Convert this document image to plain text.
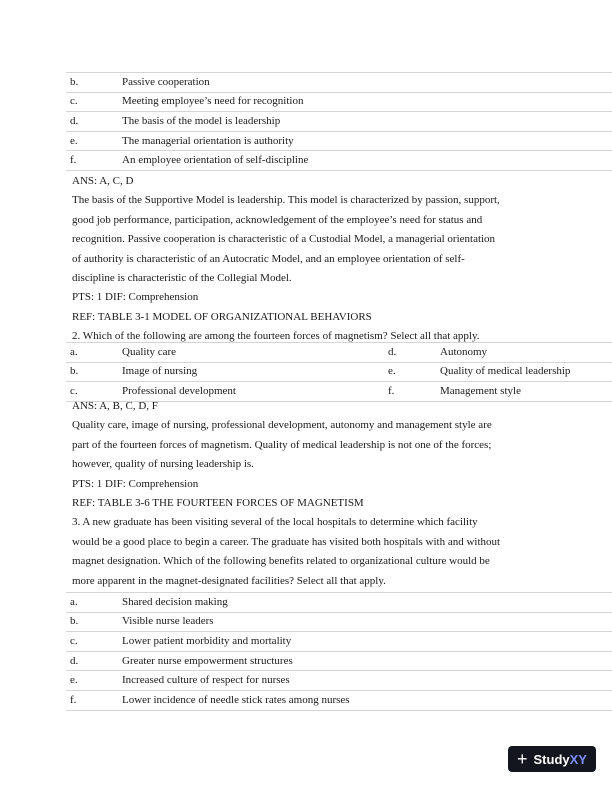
b.	Passive cooperation
c.	Meeting employee’s need for recognition
d.	The basis of the model is leadership
e.	The managerial orientation is authority
f.	An employee orientation of self-discipline

ANS: A, C, D

The basis of the Supportive Model is leadership. This model is characterized by passion, support,

good job performance, participation, acknowledgement of the employee’s need for status and

recognition. Passive cooperation is characteristic of a Custodial Model, a managerial orientation

of authority is characteristic of an Autocratic Model, and an employee orientation of self-

discipline is characteristic of the Collegial Model.

PTS: 1 DIF: Comprehension

REF: TABLE 3-1 MODEL OF ORGANIZATIONAL BEHAVIORS

2. Which of the following are among the fourteen forces of magnetism? Select all that apply.

a.	Quality care	d.	Autonomy
b.	Image of nursing	e.	Quality of medical leadership
c.	Professional development	f.	Management style

ANS: A, B, C, D, F

Quality care, image of nursing, professional development, autonomy and management style are

part of the fourteen forces of magnetism. Quality of medical leadership is not one of the forces;

however, quality of nursing leadership is.

PTS: 1 DIF: Comprehension

REF: TABLE 3-6 THE FOURTEEN FORCES OF MAGNETISM

3. A new graduate has been visiting several of the local hospitals to determine which facility

would be a good place to begin a career. The graduate has visited both hospitals with and without

magnet designation. Which of the following benefits related to organizational culture would be

more apparent in the magnet-designated facilities? Select all that apply.

a.	Shared decision making
b.	Visible nurse leaders
c.	Lower patient morbidity and mortality
d.	Greater nurse empowerment structures
e.	Increased culture of respect for nurses
f.	Lower incidence of needle stick rates among nurses
+ StudyXY
